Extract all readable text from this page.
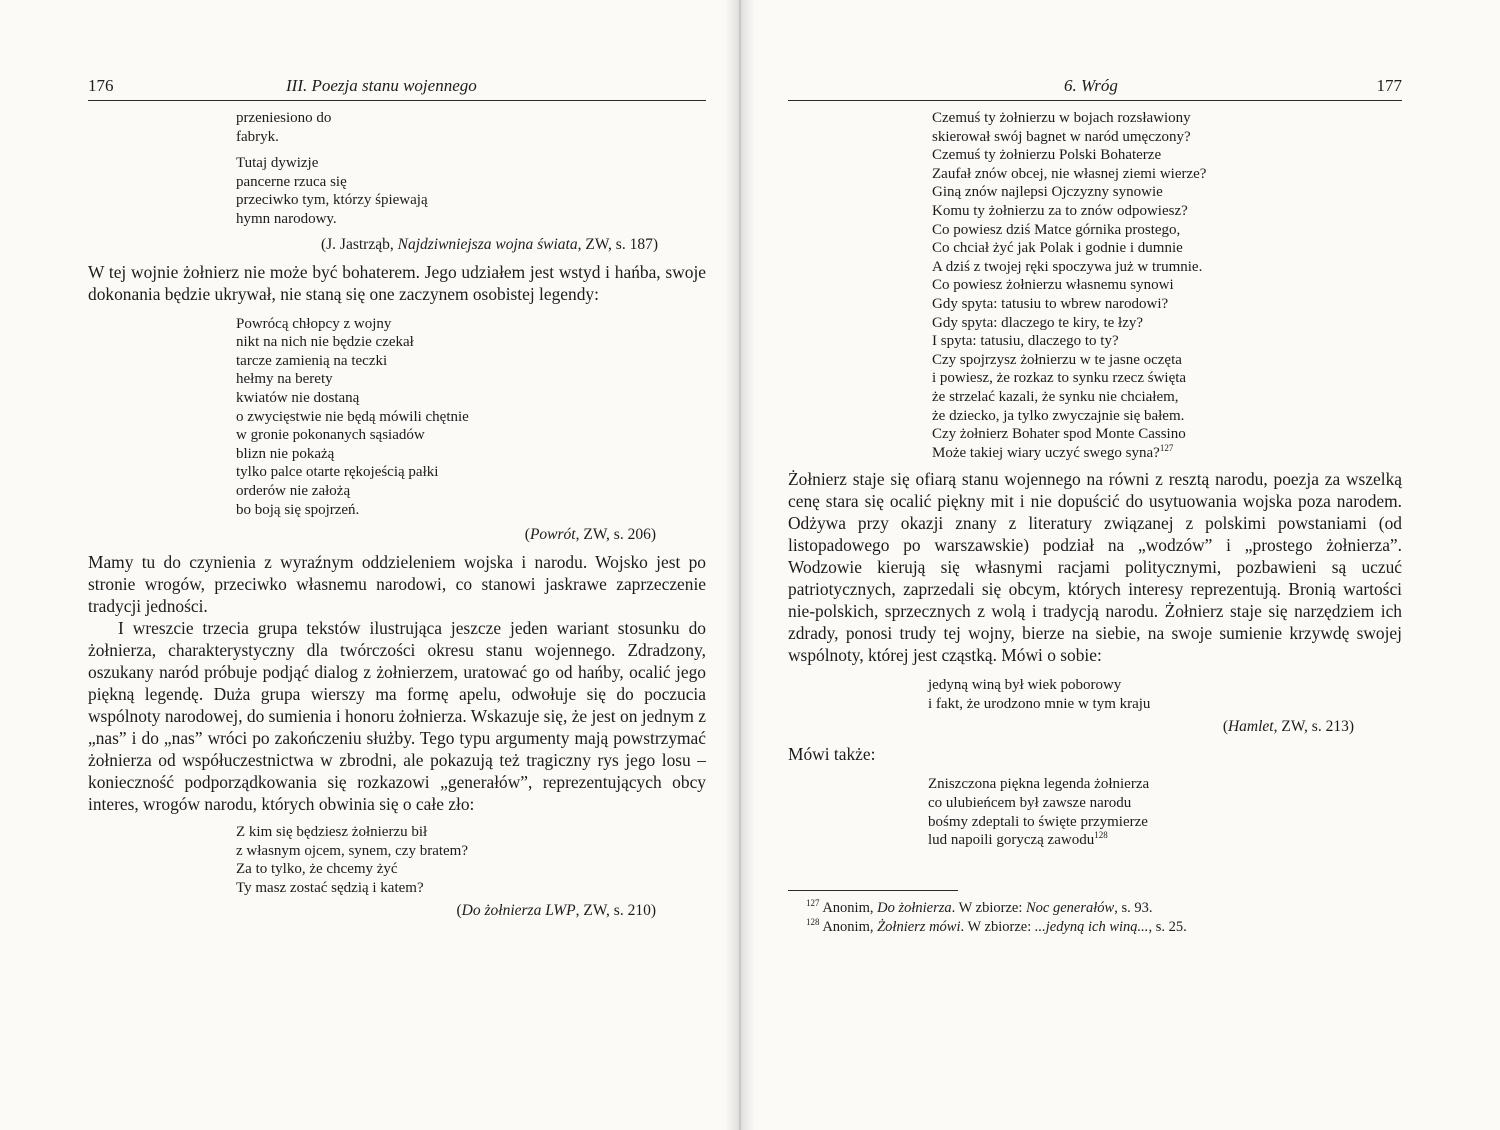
176	III. Poezja stanu wojennego
przeniesiono do
fabryk.
Tutaj dywizje
pancerne rzuca się
przeciwko tym, którzy śpiewają
hymn narodowy.
(J. Jastrząb, Najdziwniejsza wojna świata, ZW, s. 187)

W tej wojnie żołnierz nie może być bohaterem. Jego udziałem jest wstyd i hańba, swoje dokonania będzie ukrywał, nie staną się one zaczynem osobistej legendy:

Powrócą chłopcy z wojny
nikt na nich nie będzie czekał
tarcze zamienią na teczki
hełmy na berety
kwiatów nie dostaną
o zwycięstwie nie będą mówili chętnie
w gronie pokonanych sąsiadów
blizn nie pokażą
tylko palce otarte rękojeścią pałki
orderów nie założą
bo boją się spojrzeń.
(Powrót, ZW, s. 206)

Mamy tu do czynienia z wyraźnym oddzieleniem wojska i narodu. Wojsko jest po stronie wrogów, przeciwko własnemu narodowi, co stanowi jaskrawe zaprzeczenie tradycji jedności.

I wreszcie trzecia grupa tekstów ilustrująca jeszcze jeden wariant stosunku do żołnierza, charakterystyczny dla twórczości okresu stanu wojennego. Zdradzony, oszukany naród próbuje podjąć dialog z żołnierzem, uratować go od hańby, ocalić jego piękną legendę. Duża grupa wierszy ma formę apelu, odwołuje się do poczucia wspólnoty narodowej, do sumienia i honoru żołnierza. Wskazuje się, że jest on jednym z „nas” i do „nas” wróci po zakończeniu służby. Tego typu argumenty mają powstrzymać żołnierza od współuczestnictwa w zbrodni, ale pokazują też tragiczny rys jego losu – konieczność podporządkowania się rozkazowi „generałów”, reprezentujących obcy interes, wrogów narodu, których obwinia się o całe zło:

Z kim się będziesz żołnierzu bił
z własnym ojcem, synem, czy bratem?
Za to tylko, że chcemy żyć
Ty masz zostać sędzią i katem?
(Do żołnierza LWP, ZW, s. 210)
6. Wróg	177
Czemuś ty żołnierzu w bojach rozsławiony
skierował swój bagnet w naród umęczony?
Czemuś ty żołnierzu Polski Bohaterze
Zaufał znów obcej, nie własnej ziemi wierze?
Giną znów najlepsi Ojczyzny synowie
Komu ty żołnierzu za to znów odpowiesz?
Co powiesz dziś Matce górnika prostego,
Co chciał żyć jak Polak i godnie i dumnie
A dziś z twojej ręki spoczywa już w trumnie.
Co powiesz żołnierzu własnemu synowi
Gdy spyta: tatusiu to wbrew narodowi?
Gdy spyta: dlaczego te kiry, te łzy?
I spyta: tatusiu, dlaczego to ty?
Czy spojrzysz żołnierzu w te jasne oczęta
i powiesz, że rozkaz to synku rzecz święta
że strzelać kazali, że synku nie chciałem,
że dziecko, ja tylko zwyczajnie się bałem.
Czy żołnierz Bohater spod Monte Cassino
Może takiej wiary uczyć swego syna?$^{127}$

Żołnierz staje się ofiarą stanu wojennego na równi z resztą narodu, poezja za wszelką cenę stara się ocalić piękny mit i nie dopuścić do usytuowania wojska poza narodem. Odżywa przy okazji znany z literatury związanej z polskimi powstaniami (od listopadowego po warszawskie) podział na „wodzów” i „prostego żołnierza”. Wodzowie kierują się własnymi racjami politycznymi, pozbawieni są uczuć patriotycznych, zaprzedali się obcym, których interesy reprezentują. Bronią wartości nie-polskich, sprzecznych z wolą i tradycją narodu. Żołnierz staje się narzędziem ich zdrady, ponosi trudy tej wojny, bierze na siebie, na swoje sumienie krzywdę swojej wspólnoty, której jest cząstką. Mówi o sobie:

jedyną winą był wiek poborowy
i fakt, że urodzono mnie w tym kraju
(Hamlet, ZW, s. 213)

Mówi także:

Zniszczona piękna legenda żołnierza
co ulubieńcem był zawsze narodu
bośmy zdeptali to święte przymierze
lud napoili goryczą zawodu$^{128}$

$^{127}$ Anonim, Do żołnierza. W zbiorze: Noc generałów, s. 93.

$^{128}$ Anonim, Żołnierz mówi. W zbiorze: ...jedyną ich winą..., s. 25.
